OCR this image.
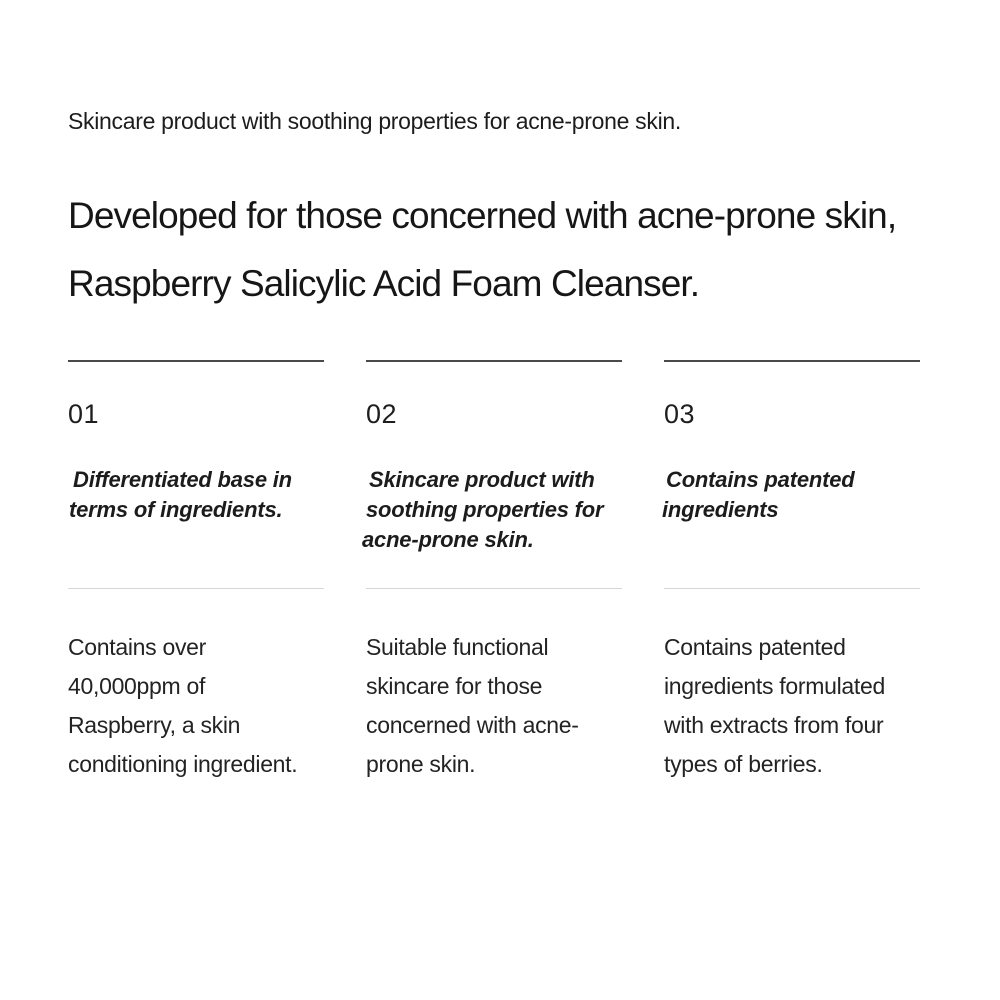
Skincare product with soothing properties for acne-prone skin.
Developed for those concerned with acne-prone skin,
Raspberry Salicylic Acid Foam Cleanser.
01
Differentiated base in
terms of ingredients.
Contains over
40,000ppm of
Raspberry, a skin
conditioning ingredient.
02
Skincare product with
soothing properties for
acne-prone skin.
Suitable functional
skincare for those
concerned with acne-
prone skin.
03
Contains patented
ingredients
Contains patented
ingredients formulated
with extracts from four
types of berries.
